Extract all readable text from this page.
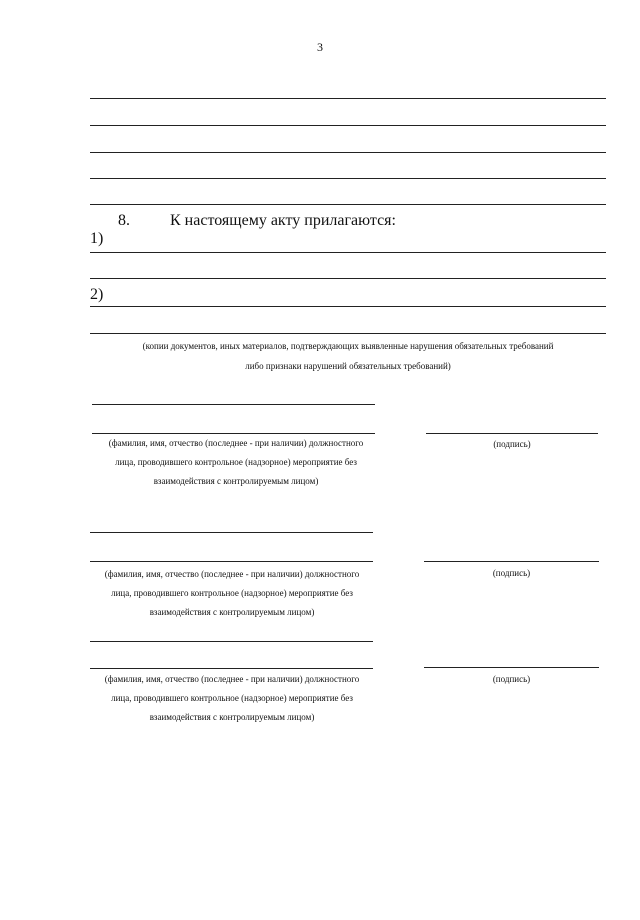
3
8.	К настоящему акту прилагаются:
1)
2)
(копии документов, иных материалов, подтверждающих выявленные нарушения обязательных требований
либо признаки нарушений обязательных требований)
(фамилия, имя, отчество (последнее - при наличии) должностного
лица, проводившего контрольное (надзорное) мероприятие без
взаимодействия с контролируемым лицом)
(подпись)
(фамилия, имя, отчество (последнее - при наличии) должностного
лица, проводившего контрольное (надзорное) мероприятие без
взаимодействия с контролируемым лицом)
(подпись)
(фамилия, имя, отчество (последнее - при наличии) должностного
лица, проводившего контрольное (надзорное) мероприятие без
взаимодействия с контролируемым лицом)
(подпись)
